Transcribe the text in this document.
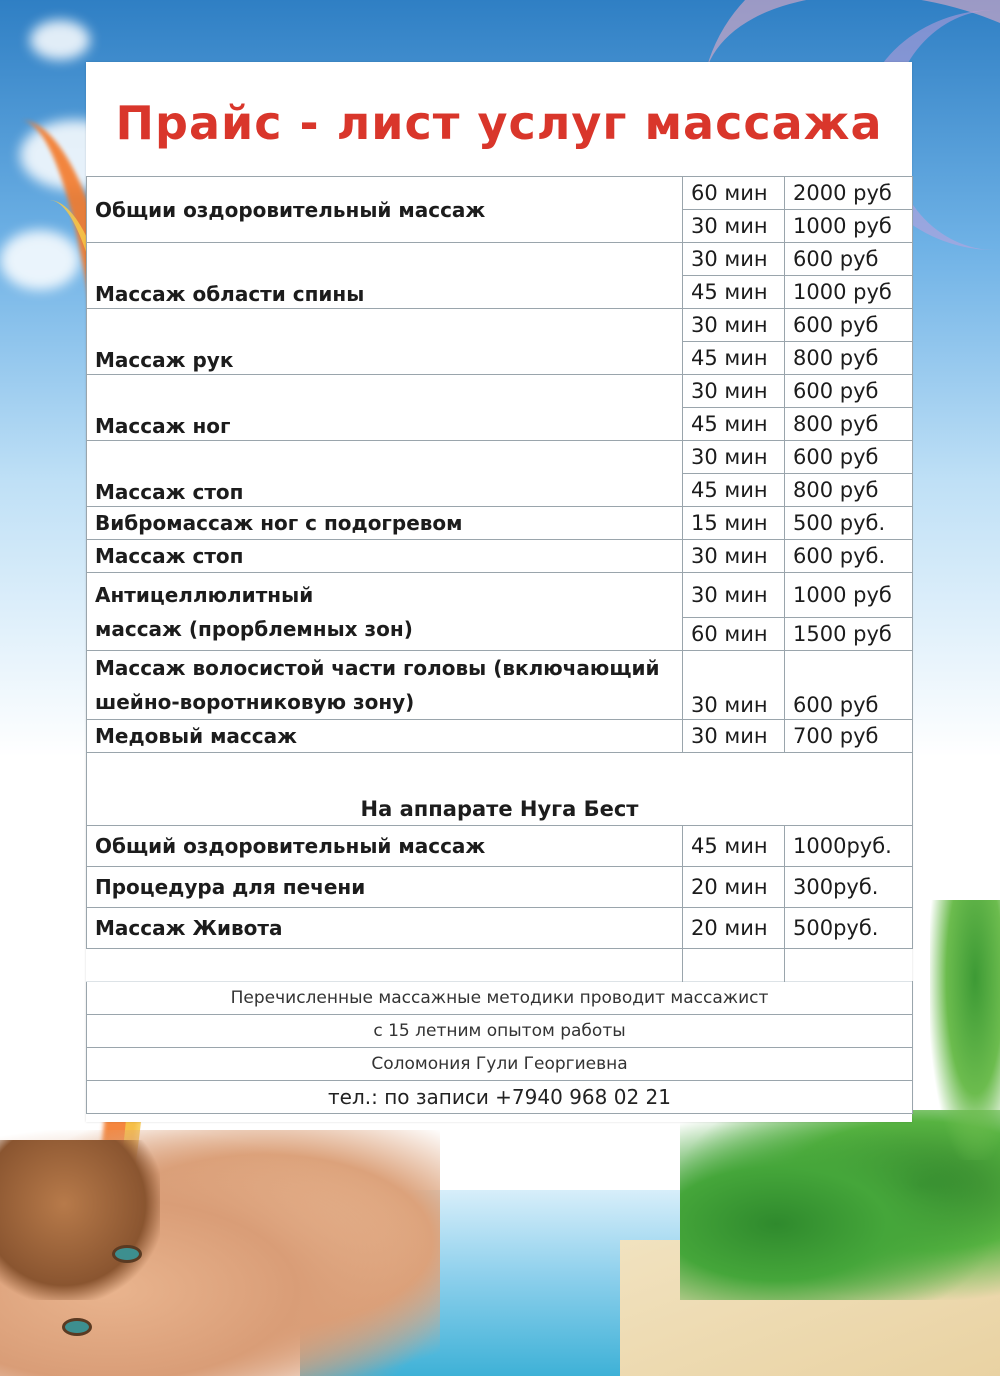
Прайс - лист услуг массажа
Общии оздоровительный массаж	60 мин	2000 руб
	30 мин	1000 руб
Массаж области спины	30 мин	600 руб
	45 мин	1000 руб
Массаж рук	30 мин	600 руб
	45 мин	800 руб
Массаж ног	30 мин	600 руб
	45 мин	800 руб
Массаж стоп	30 мин	600 руб
	45 мин	800 руб
Вибромассаж ног с подогревом	15 мин	500 руб.
Массаж стоп	30 мин	600 руб.

Антицеллюлитный
массаж (прорблемных зон)	30 мин	1000 руб
	60 мин	1500 руб

Массаж волосистой части головы (включающий
шейно-воротниковую зону)	30 мин	600 руб
Медовый массаж	30 мин	700 руб
На аппарате Нуга Бест		
Общий оздоровительный массаж	45 мин	1000руб.
Процедура для печени	20 мин	300руб.
Массаж Живота	20 мин	500руб.

Перечисленные массажные методики проводит массажист		
с 15 летним опытом работы		
Соломония Гули Георгиевна		
тел.: по записи +7940 968 02 21		
